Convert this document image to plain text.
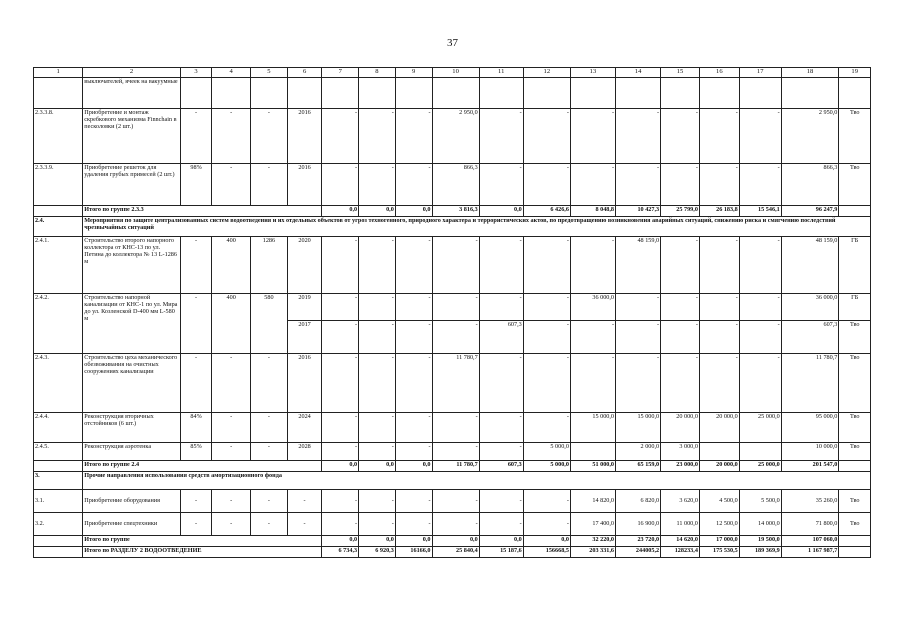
37
1	2	3	4	5	6	7	8	9	10	11	12	13	14	15	16	17	18	19
	выключателей, ячеек на вакуумные																	
2.3.3.8.	Приобретение и монтаж скребкового механизма Finnchain в песколовки (2 шт.)	-	-	-	2016	-	-	-	2 950,0	-	-	-	-	-	-	-	2 950,0	Тво
2.3.3.9.	Приобретение решеток для удаления грубых примесей (2 шт.)	98%	-	-	2016	-	-	-	866,3	-	-	-	-	-	-	-	866,3	Тво
	Итого по группе 2.3.3					0,0	0,0	0,0	3 816,3	0,0	6 426,6	8 048,8	10 427,3	25 799,0	26 183,8	15 546,1	96 247,9	
2.4.	Мероприятия по защите централизованных систем водоотведения и их отдельных объектов от угроз техногенного, природного характера и террористических актов, по предотвращению возникновения аварийных ситуаций, снижению риска и смягчению последствий чрезвычайных ситуаций																	
2.4.1.	Строительство второго напорного коллектора от КНС-13 по ул. Петина до коллектора № 13 L-1286 м	-	400	1286	2020	-	-	-	-	-	-	-	48 159,0	-	-	-	48 159,0	ГБ
2.4.2.	Строительство напорной канализации от КНС-1 по ул. Мира до ул. Козленской D-400 мм L-580 м	-	400	580	2019	-	-	-	-	-	-	36 000,0	-	-	-	-	36 000,0	ГБ
					2017	-	-	-	-	607,3	-	-	-	-	-	-	607,3	Тво
2.4.3.	Строительство цеха механического обезвоживания на очистных сооружениях канализации	-	-	-	2016	-	-	-	11 780,7	-	-	-	-	-	-	-	11 780,7	Тво
2.4.4.	Реконструкция вторичных отстойников (6 шт.)	84%	-	-	2024	-	-	-	-	-	-	15 000,0	15 000,0	20 000,0	20 000,0	25 000,0	95 000,0	Тво
2.4.5.	Реконструкция аэротенка	85%	-	-	2028	-	-	-	-	-	5 000,0		2 000,0	3 000,0			10 000,0	Тво
	Итого по группе 2.4					0,0	0,0	0,0	11 780,7	607,3	5 000,0	51 000,0	65 159,0	23 000,0	20 000,0	25 000,0	201 547,0	
3.	Прочие направления использования средств амортизационного фонда																	
3.1.	Приобретение оборудования	-	-	-	-	-	-	-	-	-	-	14 820,0	6 820,0	3 620,0	4 500,0	5 500,0	35 260,0	Тво
3.2.	Приобретение спецтехники	-	-	-	-	-	-	-	-	-	-	17 400,0	16 900,0	11 000,0	12 500,0	14 000,0	71 800,0	Тво
	Итого по группе					0,0	0,0	0,0	0,0	0,0	0,0	32 220,0	23 720,0	14 620,0	17 000,0	19 500,0	107 060,0	
	Итого по РАЗДЕЛУ 2 ВОДООТВЕДЕНИЕ					6 734,3	6 920,3	16166,0	25 840,4	15 187,6	156668,5	203 331,6	244005,2	128233,4	175 530,5	189 369,9	1 167 987,7	
